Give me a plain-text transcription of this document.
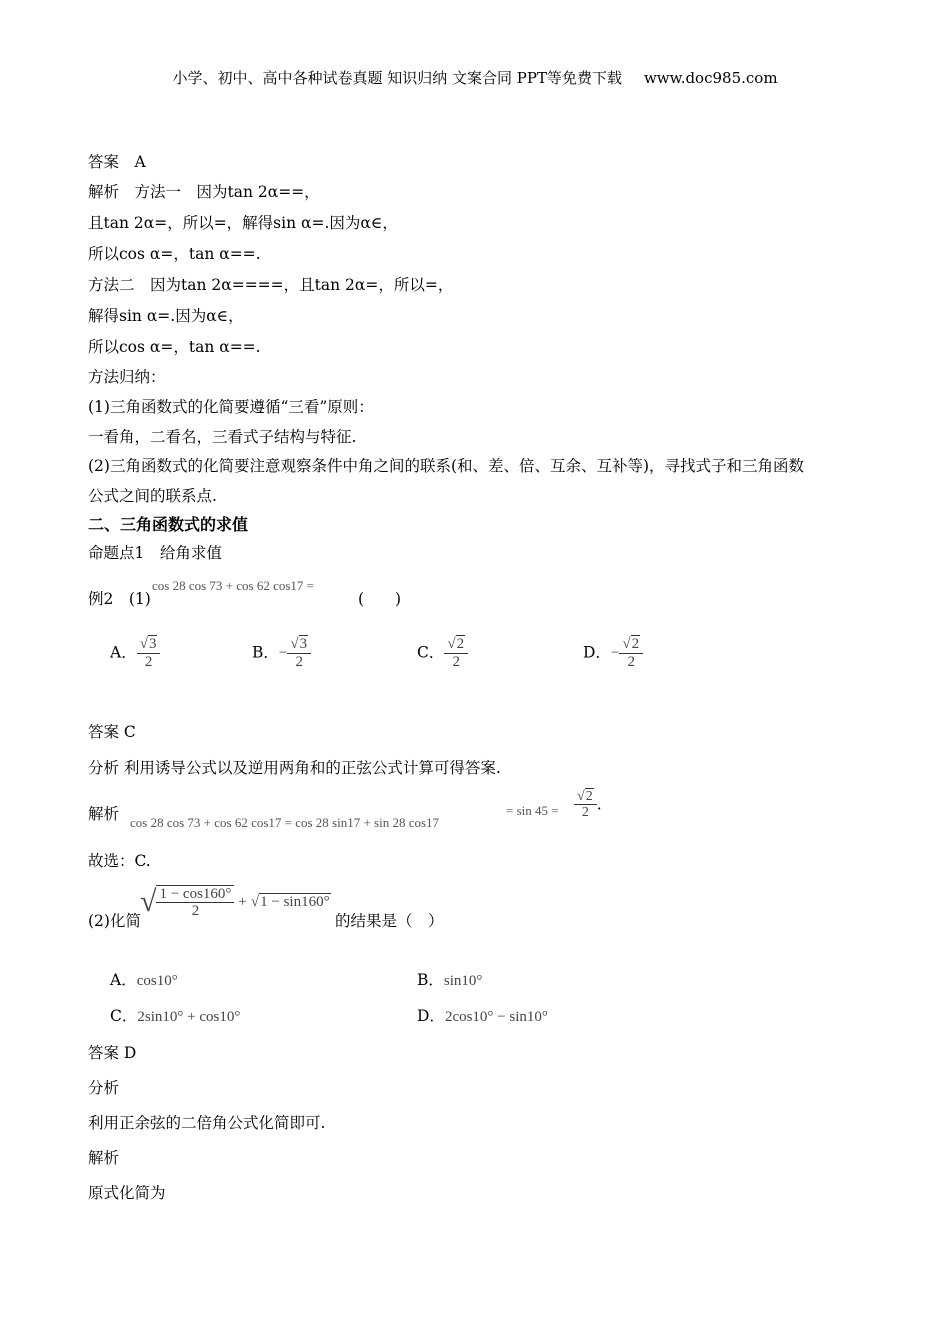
小学、初中、高中各种试卷真题 知识归纳 文案合同 PPT等免费下载 www.doc985.com
答案　A
解析　方法一　因为tan 2α==，
且tan 2α=，所以=，解得sin α=.因为α∈，
所以cos α=，tan α==.
方法二　因为tan 2α====，且tan 2α=，所以=，
解得sin α=.因为α∈，
所以cos α=，tan α==.
方法归纳：
(1)三角函数式的化简要遵循“三看”原则：
一看角，二看名，三看式子结构与特征.
(2)三角函数式的化简要注意观察条件中角之间的联系(和、差、倍、互余、互补等)，寻找式子和三角函数
公式之间的联系点.
二、三角函数式的求值
命题点1　给角求值
例2　(1)
cos 28 cos 73 + cos 62 cos17 =
(　　)
A． $\frac{√3}{2}$	B．− $\frac{√3}{2}$	C． $\frac{√2}{2}$	D．− $\frac{√2}{2}$
答案 C
分析 利用诱导公式以及逆用两角和的正弦公式计算可得答案.
解析 cos 28 cos 73 + cos 62 cos17 = cos 28 sin17 + sin 28 cos17
= $\sin 45 = \frac{√2}{2}$ .
故选：C.
(2)化简
√ $\frac{1 - \cos 160^\circ}{2} + √1 - \sin 160^\circ$
的结果是（　）
A．cos10°	B．sin10°
C．2sin10° + cos10°	D．2cos10° − sin10°
答案 D
分析
利用正余弦的二倍角公式化简即可.
解析
原式化简为
